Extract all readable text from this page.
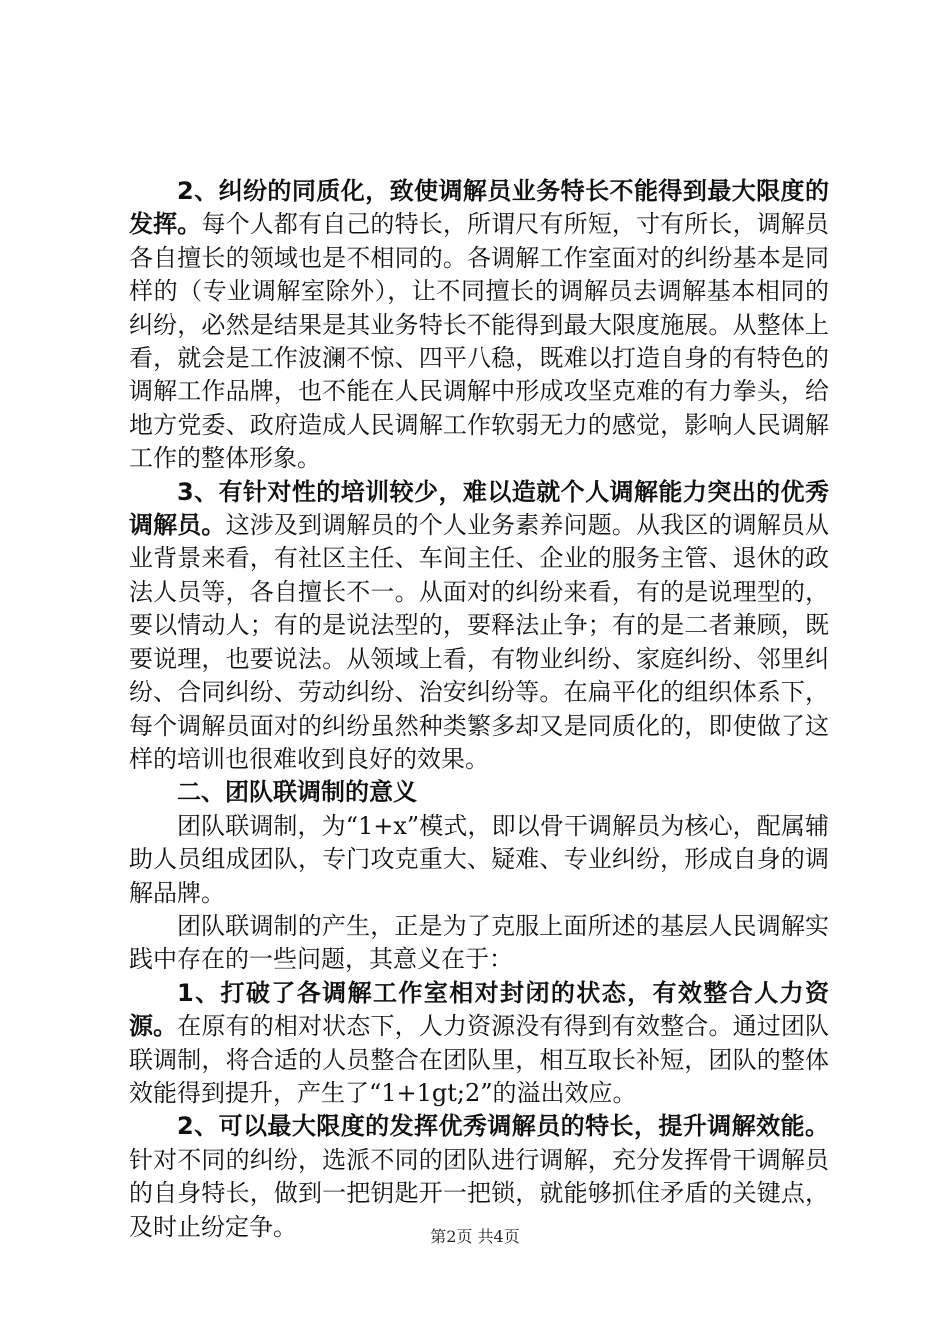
2、纠纷的同质化，致使调解员业务特长不能得到最大限度的发挥。每个人都有自己的特长，所谓尺有所短，寸有所长，调解员各自擅长的领域也是不相同的。各调解工作室面对的纠纷基本是同样的（专业调解室除外），让不同擅长的调解员去调解基本相同的纠纷，必然是结果是其业务特长不能得到最大限度施展。从整体上看，就会是工作波澜不惊、四平八稳，既难以打造自身的有特色的调解工作品牌，也不能在人民调解中形成攻坚克难的有力拳头，给地方党委、政府造成人民调解工作软弱无力的感觉，影响人民调解工作的整体形象。

3、有针对性的培训较少，难以造就个人调解能力突出的优秀调解员。这涉及到调解员的个人业务素养问题。从我区的调解员从业背景来看，有社区主任、车间主任、企业的服务主管、退休的政法人员等，各自擅长不一。从面对的纠纷来看，有的是说理型的，要以情动人；有的是说法型的，要释法止争；有的是二者兼顾，既要说理，也要说法。从领域上看，有物业纠纷、家庭纠纷、邻里纠纷、合同纠纷、劳动纠纷、治安纠纷等。在扁平化的组织体系下，每个调解员面对的纠纷虽然种类繁多却又是同质化的，即使做了这样的培训也很难收到良好的效果。

二、团队联调制的意义

团队联调制，为“1+x”模式，即以骨干调解员为核心，配属辅助人员组成团队，专门攻克重大、疑难、专业纠纷，形成自身的调解品牌。

团队联调制的产生，正是为了克服上面所述的基层人民调解实践中存在的一些问题，其意义在于：

1、打破了各调解工作室相对封闭的状态，有效整合人力资源。在原有的相对状态下，人力资源没有得到有效整合。通过团队联调制，将合适的人员整合在团队里，相互取长补短，团队的整体效能得到提升，产生了“1+1gt;2”的溢出效应。

2、可以最大限度的发挥优秀调解员的特长，提升调解效能。针对不同的纠纷，选派不同的团队进行调解，充分发挥骨干调解员的自身特长，做到一把钥匙开一把锁，就能够抓住矛盾的关键点，及时止纷定争。	第2页 共4页
